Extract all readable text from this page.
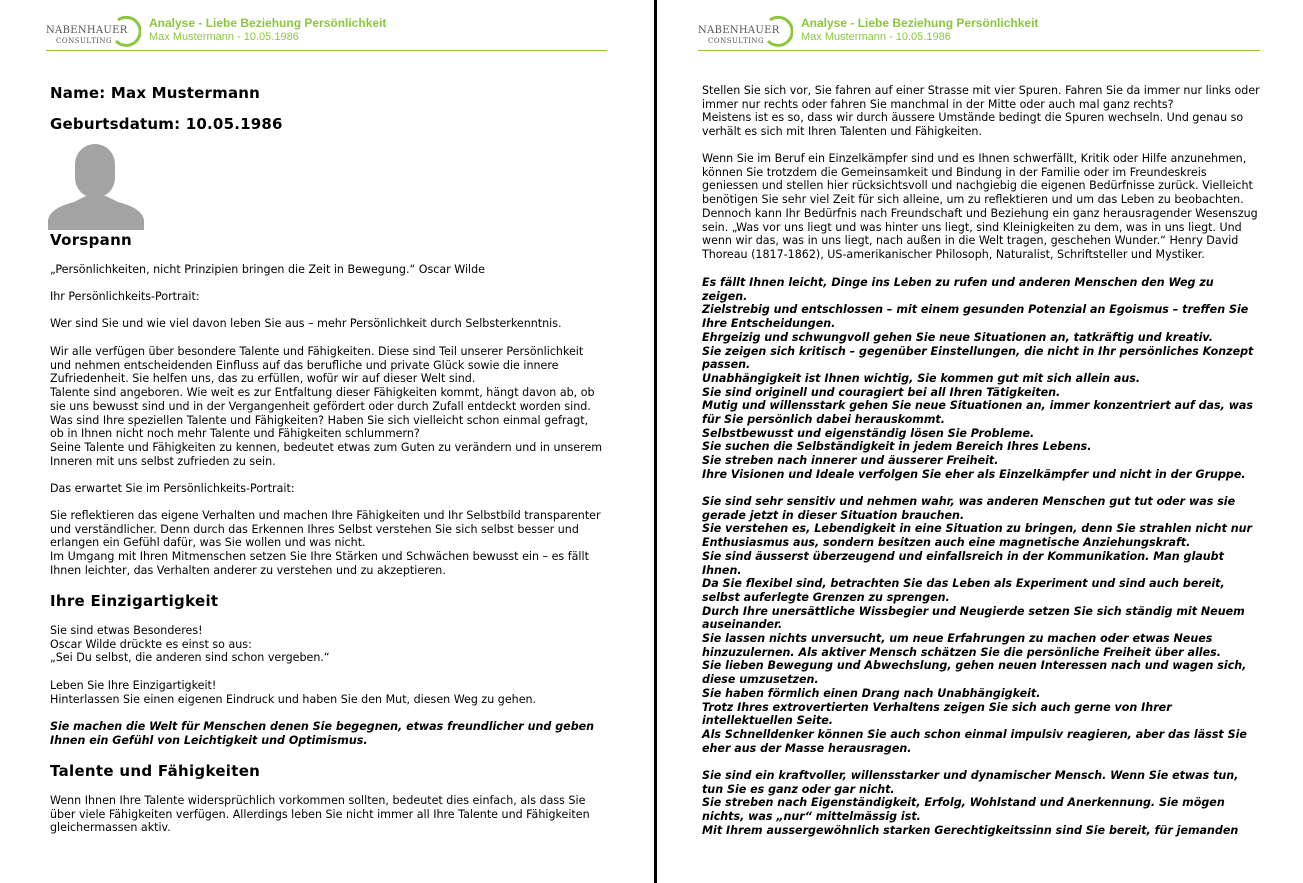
NABENHAUER
CONSULTING
Analyse - Liebe Beziehung Persönlichkeit
Max Mustermann - 10.05.1986
Name: Max Mustermann
Geburtsdatum: 10.05.1986
Vorspann

„Persönlichkeiten, nicht Prinzipien bringen die Zeit in Bewegung.“ Oscar Wilde

Ihr Persönlichkeits-Portrait:

Wer sind Sie und wie viel davon leben Sie aus – mehr Persönlichkeit durch Selbsterkenntnis.

Wir alle verfügen über besondere Talente und Fähigkeiten. Diese sind Teil unserer Persönlichkeit
und nehmen entscheidenden Einfluss auf das berufliche und private Glück sowie die innere
Zufriedenheit. Sie helfen uns, das zu erfüllen, wofür wir auf dieser Welt sind.
Talente sind angeboren. Wie weit es zur Entfaltung dieser Fähigkeiten kommt, hängt davon ab, ob
sie uns bewusst sind und in der Vergangenheit gefördert oder durch Zufall entdeckt worden sind.
Was sind Ihre speziellen Talente und Fähigkeiten? Haben Sie sich vielleicht schon einmal gefragt,
ob in Ihnen nicht noch mehr Talente und Fähigkeiten schlummern?
Seine Talente und Fähigkeiten zu kennen, bedeutet etwas zum Guten zu verändern und in unserem
Inneren mit uns selbst zufrieden zu sein.

Das erwartet Sie im Persönlichkeits-Portrait:

Sie reflektieren das eigene Verhalten und machen Ihre Fähigkeiten und Ihr Selbstbild transparenter
und verständlicher. Denn durch das Erkennen Ihres Selbst verstehen Sie sich selbst besser und
erlangen ein Gefühl dafür, was Sie wollen und was nicht.
Im Umgang mit Ihren Mitmenschen setzen Sie Ihre Stärken und Schwächen bewusst ein – es fällt
Ihnen leichter, das Verhalten anderer zu verstehen und zu akzeptieren.

Ihre Einzigartigkeit

Sie sind etwas Besonderes!
Oscar Wilde drückte es einst so aus:
„Sei Du selbst, die anderen sind schon vergeben.“

Leben Sie Ihre Einzigartigkeit!
Hinterlassen Sie einen eigenen Eindruck und haben Sie den Mut, diesen Weg zu gehen.

Sie machen die Welt für Menschen denen Sie begegnen, etwas freundlicher und geben
Ihnen ein Gefühl von Leichtigkeit und Optimismus.

Talente und Fähigkeiten

Wenn Ihnen Ihre Talente widersprüchlich vorkommen sollten, bedeutet dies einfach, als dass Sie
über viele Fähigkeiten verfügen. Allerdings leben Sie nicht immer all Ihre Talente und Fähigkeiten
gleichermassen aktiv.

NABENHAUER
CONSULTING
Analyse - Liebe Beziehung Persönlichkeit
Max Mustermann - 10.05.1986

Stellen Sie sich vor, Sie fahren auf einer Strasse mit vier Spuren. Fahren Sie da immer nur links oder
immer nur rechts oder fahren Sie manchmal in der Mitte oder auch mal ganz rechts?
Meistens ist es so, dass wir durch äussere Umstände bedingt die Spuren wechseln. Und genau so
verhält es sich mit Ihren Talenten und Fähigkeiten.

Wenn Sie im Beruf ein Einzelkämpfer sind und es Ihnen schwerfällt, Kritik oder Hilfe anzunehmen,
können Sie trotzdem die Gemeinsamkeit und Bindung in der Familie oder im Freundeskreis
geniessen und stellen hier rücksichtsvoll und nachgiebig die eigenen Bedürfnisse zurück. Vielleicht
benötigen Sie sehr viel Zeit für sich alleine, um zu reflektieren und um das Leben zu beobachten.
Dennoch kann Ihr Bedürfnis nach Freundschaft und Beziehung ein ganz herausragender Wesenszug
sein. „Was vor uns liegt und was hinter uns liegt, sind Kleinigkeiten zu dem, was in uns liegt. Und
wenn wir das, was in uns liegt, nach außen in die Welt tragen, geschehen Wunder.“ Henry David
Thoreau (1817-1862), US-amerikanischer Philosoph, Naturalist, Schriftsteller und Mystiker.

Es fällt Ihnen leicht, Dinge ins Leben zu rufen und anderen Menschen den Weg zu
zeigen.
Zielstrebig und entschlossen – mit einem gesunden Potenzial an Egoismus – treffen Sie
Ihre Entscheidungen.
Ehrgeizig und schwungvoll gehen Sie neue Situationen an, tatkräftig und kreativ.
Sie zeigen sich kritisch – gegenüber Einstellungen, die nicht in Ihr persönliches Konzept
passen.
Unabhängigkeit ist Ihnen wichtig, Sie kommen gut mit sich allein aus.
Sie sind originell und couragiert bei all Ihren Tätigkeiten.
Mutig und willensstark gehen Sie neue Situationen an, immer konzentriert auf das, was
für Sie persönlich dabei herauskommt.
Selbstbewusst und eigenständig lösen Sie Probleme.
Sie suchen die Selbständigkeit in jedem Bereich Ihres Lebens.
Sie streben nach innerer und äusserer Freiheit.
Ihre Visionen und Ideale verfolgen Sie eher als Einzelkämpfer und nicht in der Gruppe.

Sie sind sehr sensitiv und nehmen wahr, was anderen Menschen gut tut oder was sie
gerade jetzt in dieser Situation brauchen.
Sie verstehen es, Lebendigkeit in eine Situation zu bringen, denn Sie strahlen nicht nur
Enthusiasmus aus, sondern besitzen auch eine magnetische Anziehungskraft.
Sie sind äusserst überzeugend und einfallsreich in der Kommunikation. Man glaubt
Ihnen.
Da Sie flexibel sind, betrachten Sie das Leben als Experiment und sind auch bereit,
selbst auferlegte Grenzen zu sprengen.
Durch Ihre unersättliche Wissbegier und Neugierde setzen Sie sich ständig mit Neuem
auseinander.
Sie lassen nichts unversucht, um neue Erfahrungen zu machen oder etwas Neues
hinzuzulernen. Als aktiver Mensch schätzen Sie die persönliche Freiheit über alles.
Sie lieben Bewegung und Abwechslung, gehen neuen Interessen nach und wagen sich,
diese umzusetzen.
Sie haben förmlich einen Drang nach Unabhängigkeit.
Trotz Ihres extrovertierten Verhaltens zeigen Sie sich auch gerne von Ihrer
intellektuellen Seite.
Als Schnelldenker können Sie auch schon einmal impulsiv reagieren, aber das lässt Sie
eher aus der Masse herausragen.

Sie sind ein kraftvoller, willensstarker und dynamischer Mensch. Wenn Sie etwas tun,
tun Sie es ganz oder gar nicht.
Sie streben nach Eigenständigkeit, Erfolg, Wohlstand und Anerkennung. Sie mögen
nichts, was „nur“ mittelmässig ist.
Mit Ihrem aussergewöhnlich starken Gerechtigkeitssinn sind Sie bereit, für jemanden
